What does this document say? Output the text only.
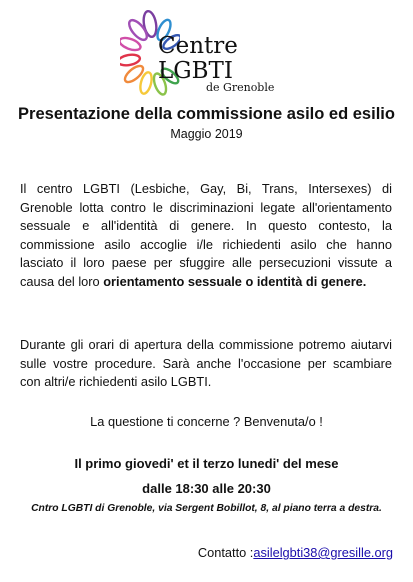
Centre
LGBTI
de Grenoble
Presentazione della commissione asilo ed esilio
Maggio 2019
Il centro LGBTI (Lesbiche, Gay, Bi, Trans, Intersexes) di Grenoble lotta contro le discriminazioni legate all'orientamento sessuale e all'identità di genere. In questo contesto, la commissione asilo accoglie i/le richiedenti asilo che hanno lasciato il loro paese per sfuggire alle persecuzioni vissute a causa del loro orientamento sessuale o identità di genere.
Durante gli orari di apertura della commissione potremo aiutarvi sulle vostre procedure. Sarà anche l'occasione per scambiare con altri/e richiedenti asilo LGBTI.
La questione ti concerne ? Benvenuta/o !
Il primo giovedi' et il terzo lunedi' del mese
dalle 18:30 alle 20:30
Cntro LGBTI di Grenoble, via Sergent Bobillot, 8, al piano terra a destra.
Contatto :asilelgbti38@gresille.org
